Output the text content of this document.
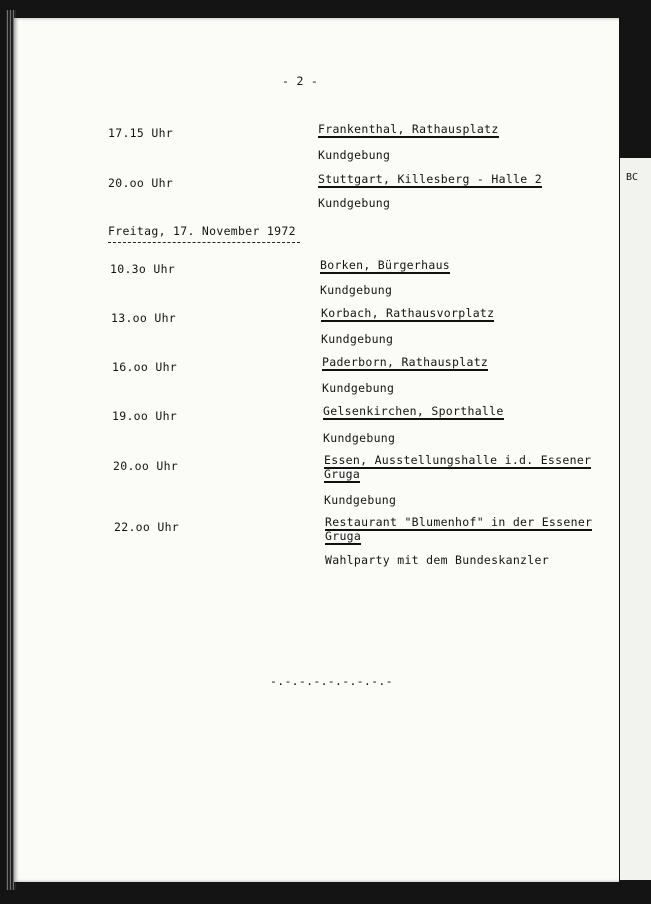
BC
- 2 -
17.15 Uhr	Frankenthal, Rathausplatz
Kundgebung
20.oo Uhr	Stuttgart, Killesberg - Halle 2
Kundgebung
Freitag, 17. November 1972
10.3o Uhr	Borken, Bürgerhaus
Kundgebung
13.oo Uhr	Korbach, Rathausvorplatz
Kundgebung
16.oo Uhr	Paderborn, Rathausplatz
Kundgebung
19.oo Uhr	Gelsenkirchen, Sporthalle
Kundgebung
20.oo Uhr	Essen, Ausstellungshalle i.d. Essener
Gruga
Kundgebung
22.oo Uhr	Restaurant "Blumenhof" in der Essener
Gruga
Wahlparty mit dem Bundeskanzler
-.-.-.-.-.-.-.-.-
